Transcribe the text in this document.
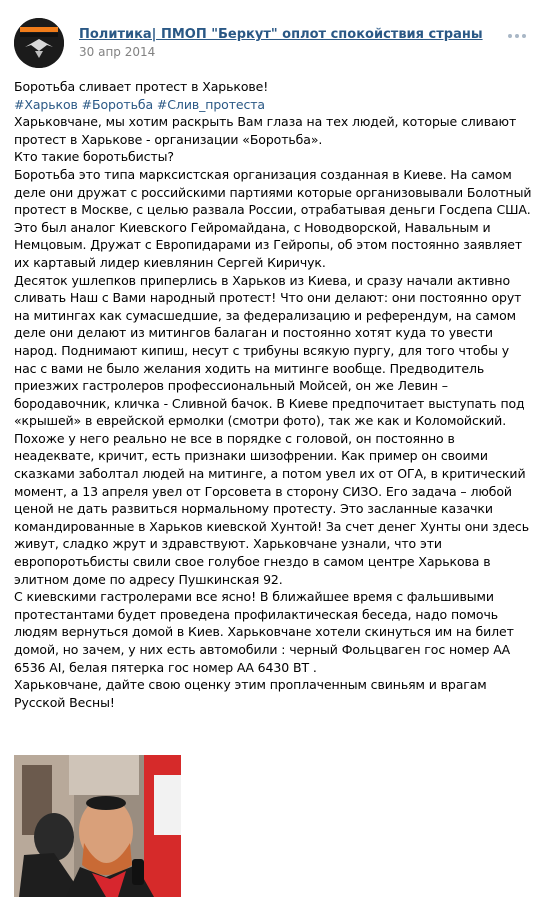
Политика| ПМОП "Беркут" оплот спокойствия страны
30 апр 2014

Боротьба сливает протест в Харькове!

#Харьков #Боротьба #Слив_протеста

Харьковчане, мы хотим раскрыть Вам глаза на тех людей, которые сливают протест в Харькове - организации «Боротьба».

Кто такие боротьбисты?

Боротьба это типа марксистская организация созданная в Киеве. На самом деле они дружат с российскими партиями которые организовывали Болотный протест в Москве, с целью развала России, отрабатывая деньги Госдепа США. Это был аналог Киевского Гейромайдана, с Новодворской, Навальным и Немцовым. Дружат с Европидарами из Гейропы, об этом постоянно заявляет их картавый лидер киевлянин Сергей Киричук.

Десяток ушлепков приперлись в Харьков из Киева, и сразу начали активно сливать Наш с Вами народный протест! Что они делают: они постоянно орут на митингах как сумасшедшие, за федерализацию и референдум, на самом деле они делают из митингов балаган и постоянно хотят куда то увести народ. Поднимают кипиш, несут с трибуны всякую пургу, для того чтобы у нас с вами не было желания ходить на митинге вообще. Предводитель приезжих гастролеров профессиональный Мойсей, он же Левин – бородавочник, кличка - Сливной бачок. В Киеве предпочитает выступать под «крышей» в еврейской ермолки (смотри фото), так же как и Коломойский. Похоже у него реально не все в порядке с головой, он постоянно в неадеквате, кричит, есть признаки шизофрении. Как пример он своими сказками заболтал людей на митинге, а потом увел их от ОГА, в критический момент, а 13 апреля увел от Горсовета в сторону СИЗО. Его задача – любой ценой не дать развиться нормальному протесту. Это засланные казачки командированные в Харьков киевской Хунтой! За счет денег Хунты они здесь живут, сладко жрут и здравствуют. Харьковчане узнали, что эти европоротьбисты свили свое голубое гнездо в самом центре Харькова в элитном доме по адресу Пушкинская 92.

С киевскими гастролерами все ясно! В ближайшее время с фальшивыми протестантами будет проведена профилактическая беседа, надо помочь людям вернуться домой в Киев. Харьковчане хотели скинуться им на билет домой, но зачем, у них есть автомобили : черный Фольцваген гос номер АА 6536 АІ, белая пятерка гос номер АА 6430 ВТ .

Харьковчане, дайте свою оценку этим проплаченным свиньям и врагам Русской Весны!
